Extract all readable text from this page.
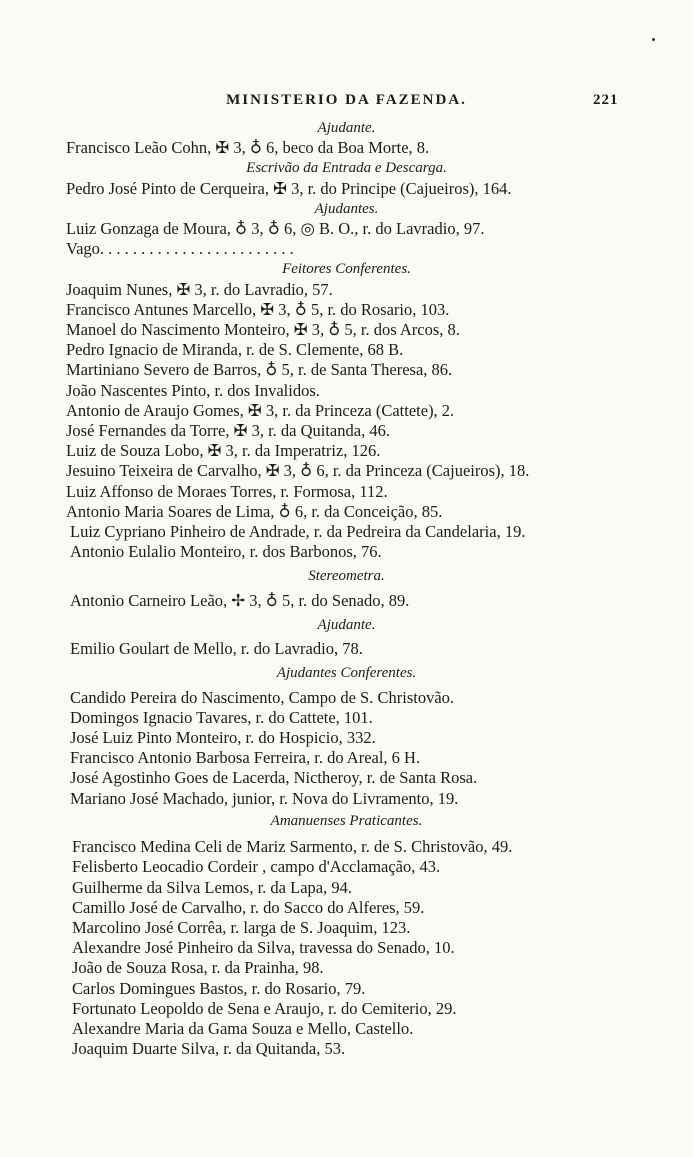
MINISTERIO DA FAZENDA.	221
Ajudante.
Francisco Leão Cohn, ✠ 3, ♁ 6, beco da Boa Morte, 8.
Escrivão da Entrada e Descarga.
Pedro José Pinto de Cerqueira, ✠ 3, r. do Principe (Cajueiros), 164.
Ajudantes.
Luiz Gonzaga de Moura, ♁ 3, ♁ 6, ◎ B. O., r. do Lavradio, 97.
Vago. . . . . . . . . . . . . . . . . . . . . . . .
Feitores Conferentes.
Joaquim Nunes, ✠ 3, r. do Lavradio, 57.
Francisco Antunes Marcello, ✠ 3, ♁ 5, r. do Rosario, 103.
Manoel do Nascimento Monteiro, ✠ 3, ♁ 5, r. dos Arcos, 8.
Pedro Ignacio de Miranda, r. de S. Clemente, 68 B.
Martiniano Severo de Barros, ♁ 5, r. de Santa Theresa, 86.
João Nascentes Pinto, r. dos Invalidos.
Antonio de Araujo Gomes, ✠ 3, r. da Princeza (Cattete), 2.
José Fernandes da Torre, ✠ 3, r. da Quitanda, 46.
Luiz de Souza Lobo, ✠ 3, r. da Imperatriz, 126.
Jesuino Teixeira de Carvalho, ✠ 3, ♁ 6, r. da Princeza (Cajueiros), 18.
Luiz Affonso de Moraes Torres, r. Formosa, 112.
Antonio Maria Soares de Lima, ♁ 6, r. da Conceição, 85.
Luiz Cypriano Pinheiro de Andrade, r. da Pedreira da Candelaria, 19.
Antonio Eulalio Monteiro, r. dos Barbonos, 76.
Stereometra.
Antonio Carneiro Leão, ✢ 3, ♁ 5, r. do Senado, 89.
Ajudante.
Emilio Goulart de Mello, r. do Lavradio, 78.
Ajudantes Conferentes.
Candido Pereira do Nascimento, Campo de S. Christovão.
Domingos Ignacio Tavares, r. do Cattete, 101.
José Luiz Pinto Monteiro, r. do Hospicio, 332.
Francisco Antonio Barbosa Ferreira, r. do Areal, 6 H.
José Agostinho Goes de Lacerda, Nictheroy, r. de Santa Rosa.
Mariano José Machado, junior, r. Nova do Livramento, 19.
Amanuenses Praticantes.
Francisco Medina Celi de Mariz Sarmento, r. de S. Christovão, 49.
Felisberto Leocadio Cordeir , campo d'Acclamação, 43.
Guilherme da Silva Lemos, r. da Lapa, 94.
Camillo José de Carvalho, r. do Sacco do Alferes, 59.
Marcolino José Corrêa, r. larga de S. Joaquim, 123.
Alexandre José Pinheiro da Silva, travessa do Senado, 10.
João de Souza Rosa, r. da Prainha, 98.
Carlos Domingues Bastos, r. do Rosario, 79.
Fortunato Leopoldo de Sena e Araujo, r. do Cemiterio, 29.
Alexandre Maria da Gama Souza e Mello, Castello.
Joaquim Duarte Silva, r. da Quitanda, 53.
